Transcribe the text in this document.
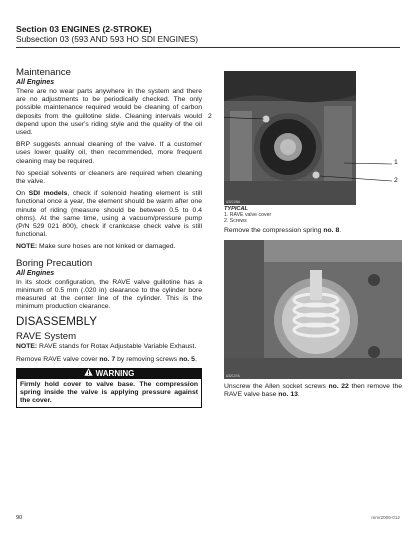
Section 03 ENGINES (2-STROKE)
Subsection 03 (593 AND 593 HO SDI ENGINES)
Maintenance
All Engines

There are no wear parts anywhere in the system and there are no adjustments to be periodically checked. The only possible maintenance required would be cleaning of carbon deposits from the guillotine slide. Cleaning intervals would depend upon the user's riding style and the quality of the oil used.

BRP suggests annual cleaning of the valve. If a customer uses lower quality oil, then recommended, more frequent cleaning may be required.

No special solvents or cleaners are required when cleaning the valve.

On SDI models, check if solenoid heating element is still functional once a year, the element should be warm after one minute of riding (measure should be between 0.5 to 0.4 ohms). At the same time, using a vacuum/pressure pump (P/N 529 021 800), check if crankcase check valve is still functional.

NOTE: Make sure hoses are not kinked or damaged.

Boring Precaution
All Engines

In its stock configuration, the RAVE valve guillotine has a minimum of 0.5 mm (.020 in) clearance to the cylinder bore measured at the center line of the cylinder. This is the minimum production clearance.

DISASSEMBLY
RAVE System

NOTE: RAVE stands for Rotax Adjustable Variable Exhaust.

Remove RAVE valve cover no. 7 by removing screws no. 5.

WARNING
Firmly hold cover to valve base. The compression spring inside the valve is applying pressure against the cover.
A32C0NA
2
1
2
TYPICAL
1. RAVE valve cover
2. Screws

Remove the compression spring no. 8.

A32C0YA

Unscrew the Allen socket screws no. 22 then remove the RAVE valve base no. 13.

90	mmr2006-012
